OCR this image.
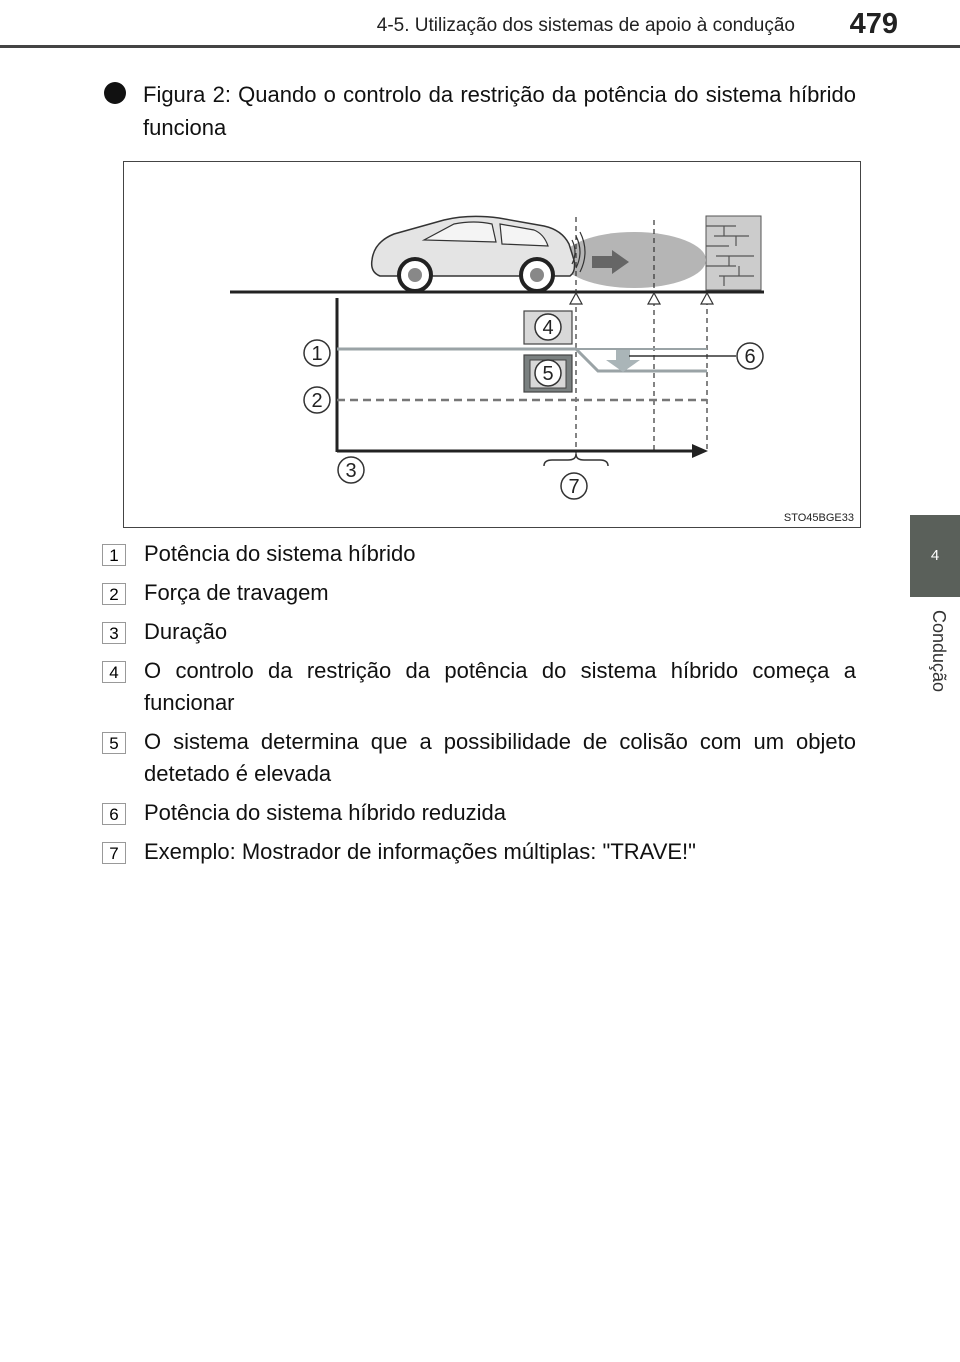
4-5. Utilização dos sistemas de apoio à condução 479
4
Condução
Figura 2: Quando o controlo da restrição da potência do sistema híbrido funciona
1
2
3
4
5
6
7
STO45BGE33
1 Potência do sistema híbrido
2 Força de travagem
3 Duração
4 O controlo da restrição da potência do sistema híbrido começa a funcionar
5 O sistema determina que a possibilidade de colisão com um objeto detetado é elevada
6 Potência do sistema híbrido reduzida
7 Exemplo: Mostrador de informações múltiplas: "TRAVE!"
